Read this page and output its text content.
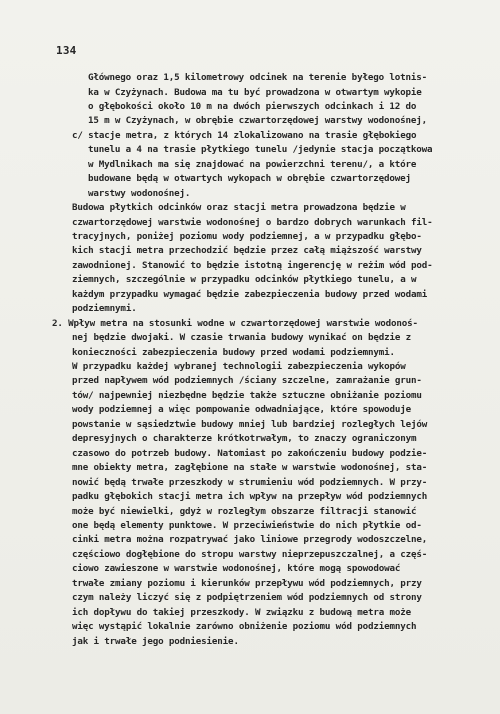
134
Głównego oraz 1,5 kilometrowy odcinek na terenie byłego lotnis-
ka w Czyżynach. Budowa ma tu być prowadzona w otwartym wykopie
o głębokości około 10 m na dwóch pierwszych odcinkach i 12 do
15 m w Czyżynach, w obrębie czwartorzędowej warstwy wodonośnej,
c/ stacje metra, z których 14 zlokalizowano na trasie głębokiego
tunelu a 4 na trasie płytkiego tunelu /jedynie stacja początkowa
w Mydlnikach ma się znajdować na powierzchni terenu/, a które
budowane będą w otwartych wykopach w obrębie czwartorzędowej
warstwy wodonośnej.
Budowa płytkich odcinków oraz stacji metra prowadzona będzie w
czwartorzędowej warstwie wodonośnej o bardzo dobrych warunkach fil-
tracyjnych, poniżej poziomu wody podziemnej, a w przypadku głębo-
kich stacji metra przechodzić będzie przez całą miąższość warstwy
zawodnionej. Stanowić to będzie istotną ingerencję w reżim wód pod-
ziemnych, szczególnie w przypadku odcinków płytkiego tunelu, a w
każdym przypadku wymagać będzie zabezpieczenia budowy przed wodami
podziemnymi.
2. Wpływ metra na stosunki wodne w czwartorzędowej warstwie wodonoś-
nej będzie dwojaki. W czasie trwania budowy wynikać on będzie z
konieczności zabezpieczenia budowy przed wodami podziemnymi.
W przypadku każdej wybranej technologii zabezpieczenia wykopów
przed napływem wód podziemnych /ściany szczelne, zamrażanie grun-
tów/ najpewniej niezbędne będzie także sztuczne obniżanie poziomu
wody podziemnej a więc pompowanie odwadniające, które spowoduje
powstanie w sąsiedztwie budowy mniej lub bardziej rozległych lejów
depresyjnych o charakterze krótkotrwałym, to znaczy ograniczonym
czasowo do potrzeb budowy. Natomiast po zakończeniu budowy podzie-
mne obiekty metra, zagłębione na stałe w warstwie wodonośnej, sta-
nowić będą trwałe przeszkody w strumieniu wód podziemnych. W przy-
padku głębokich stacji metra ich wpływ na przepływ wód podziemnych
może być niewielki, gdyż w rozległym obszarze filtracji stanowić
one będą elementy punktowe. W przeciwieństwie do nich płytkie od-
cinki metra można rozpatrywać jako liniowe przegrody wodoszczelne,
częściowo dogłębione do stropu warstwy nieprzepuszczalnej, a częś-
ciowo zawieszone w warstwie wodonośnej, które mogą spowodować
trwałe zmiany poziomu i kierunków przepływu wód podziemnych, przy
czym należy liczyć się z podpiętrzeniem wód podziemnych od strony
ich dopływu do takiej przeszkody. W związku z budową metra może
więc wystąpić lokalnie zarówno obniżenie poziomu wód podziemnych
jak i trwałe jego podniesienie.
